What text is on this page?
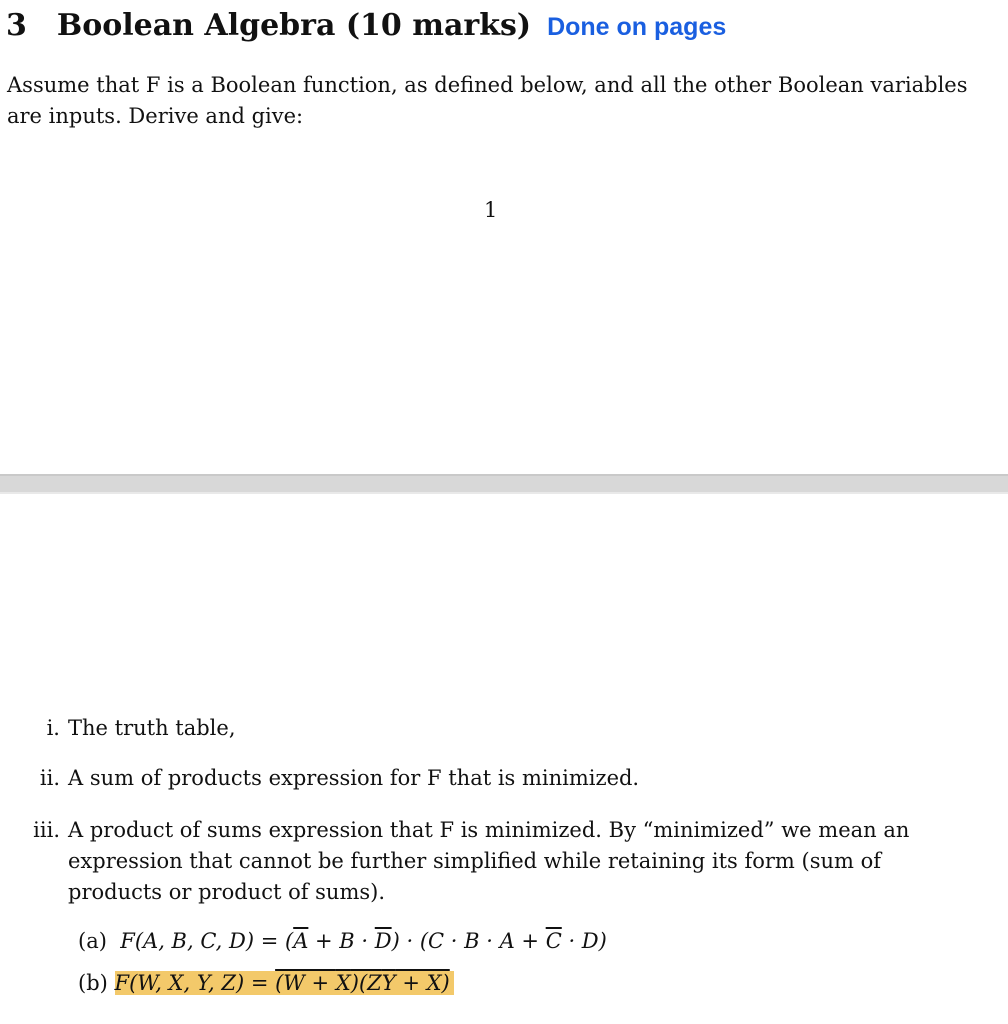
3 Boolean Algebra (10 marks) Done on pages
Assume that F is a Boolean function, as defined below, and all the other Boolean variables are inputs. Derive and give:
1
i. The truth table,
ii. A sum of products expression for F that is minimized.
iii. A product of sums expression that F is minimized. By “minimized” we mean an expression that cannot be further simplified while retaining its form (sum of products or product of sums).
(a) F(A, B, C, $D) = (\overline{A} + B \cdot \overline{D}) \cdot (C \cdot B \cdot A + \overline{C} \cdot D)$
(b) F(W, X, Y, Z) = (W + X)(ZY + X)
